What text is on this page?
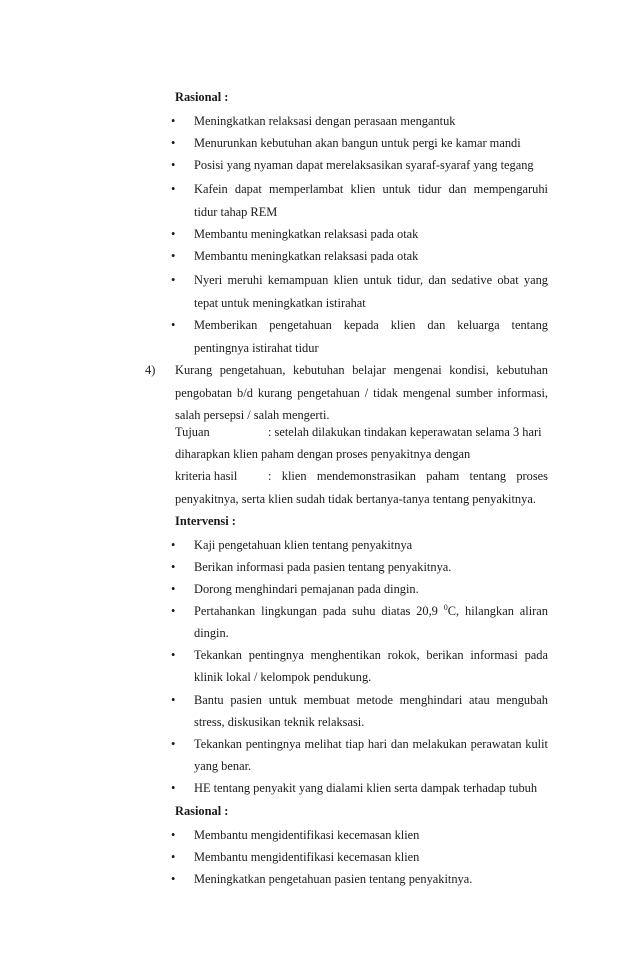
Rasional :
•	Meningkatkan relaksasi dengan perasaan mengantuk
•	Menurunkan kebutuhan akan bangun untuk pergi ke kamar mandi
•	Posisi yang nyaman dapat merelaksasikan syaraf-syaraf yang tegang
•	Kafein dapat memperlambat klien untuk tidur dan mempengaruhi
tidur tahap REM
•	Membantu meningkatkan relaksasi pada otak
•	Membantu meningkatkan relaksasi pada otak
•	Nyeri meruhi kemampuan klien untuk tidur, dan sedative obat yang
tepat untuk meningkatkan istirahat
•	Memberikan pengetahuan kepada klien dan keluarga tentang
pentingnya istirahat tidur
4) Kurang pengetahuan, kebutuhan belajar mengenai kondisi, kebutuhan
pengobatan b/d kurang pengetahuan / tidak mengenal sumber informasi,
salah persepsi / salah mengerti.
Tujuan	: setelah dilakukan tindakan keperawatan selama 3 hari
diharapkan klien paham dengan proses penyakitnya dengan
kriteria hasil : klien mendemonstrasikan paham tentang proses
penyakitnya, serta klien sudah tidak bertanya-tanya tentang penyakitnya.
Intervensi :
•	Kaji pengetahuan klien tentang penyakitnya
•	Berikan informasi pada pasien tentang penyakitnya.
•	Dorong menghindari pemajanan pada dingin.
•	Pertahankan lingkungan pada suhu diatas 20,9 $^0$C, hilangkan aliran
dingin.
•	Tekankan pentingnya menghentikan rokok, berikan informasi pada
klinik lokal / kelompok pendukung.
•	Bantu pasien untuk membuat metode menghindari atau mengubah
stress, diskusikan teknik relaksasi.
•	Tekankan pentingnya melihat tiap hari dan melakukan perawatan kulit
yang benar.
•	HE tentang penyakit yang dialami klien serta dampak terhadap tubuh
Rasional :
•	Membantu mengidentifikasi kecemasan klien
•	Membantu mengidentifikasi kecemasan klien
•	Meningkatkan pengetahuan pasien tentang penyakitnya.
